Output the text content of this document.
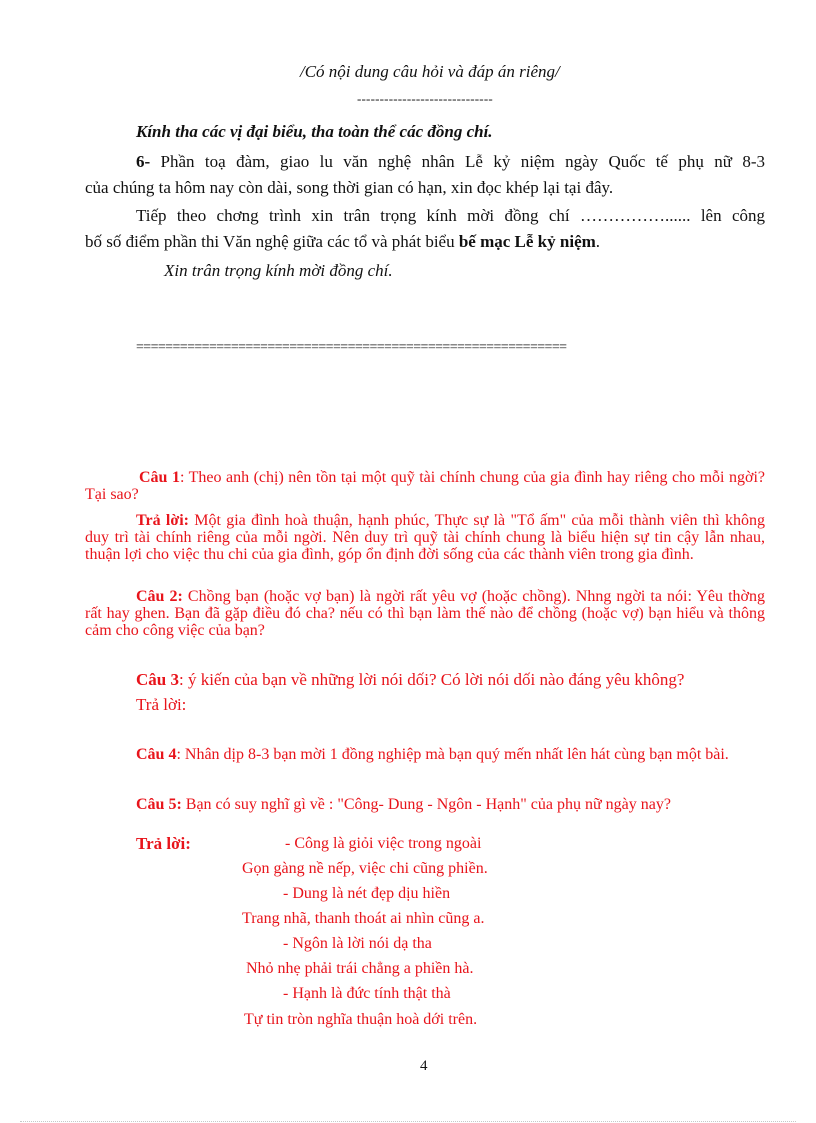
/Có nội dung câu hỏi và đáp án riêng/
------------------------------
Kính tha các vị đại biểu, tha toàn thể các đồng chí.

6- Phần toạ đàm, giao lu văn nghệ nhân Lễ kỷ niệm ngày Quốc tế phụ nữ 8-3

của chúng ta hôm nay còn dài, song thời gian có hạn, xin đọc khép lại tại đây.

Tiếp theo chơng trình xin trân trọng kính mời đồng chí ……………...... lên công

bố số điểm phần thi Văn nghệ giữa các tổ và phát biểu bế mạc Lễ kỷ niệm.

Xin trân trọng kính mời đồng chí.
===========================================================

Câu 1: Theo anh (chị) nên tồn tại một quỹ tài chính chung của gia đình hay riêng cho mỗi ngời? Tại sao?

Trả lời: Một gia đình hoà thuận, hạnh phúc, Thực sự là "Tổ ấm" của mỗi thành viên thì không duy trì tài chính riêng của mỗi ngời. Nên duy trì quỹ tài chính chung là biểu hiện sự tin cậy lẫn nhau, thuận lợi cho việc thu chi của gia đình, góp ổn định đời sống của các thành viên trong gia đình.

Câu 2: Chồng bạn (hoặc vợ bạn) là ngời rất yêu vợ (hoặc chồng). Nhng ngời ta nói: Yêu thờng rất hay ghen. Bạn đã gặp điều đó cha? nếu có thì bạn làm thế nào để chồng (hoặc vợ) bạn hiểu và thông cảm cho công việc của bạn?

Câu 3: ý kiến của bạn về những lời nói dối? Có lời nói dối nào đáng yêu không?
Trả lời:

Câu 4: Nhân dịp 8-3 bạn mời 1 đồng nghiệp mà bạn quý mến nhất lên hát cùng bạn một bài.

Câu 5: Bạn có suy nghĩ gì về : "Công- Dung - Ngôn - Hạnh" của phụ nữ ngày nay?

Trả lời:	- Công là giỏi việc trong ngoài
Gọn gàng nề nếp, việc chi cũng phiền.
- Dung là nét đẹp dịu hiền
Trang nhã, thanh thoát ai nhìn cũng a.
- Ngôn là lời nói dạ tha
Nhỏ nhẹ phải trái chẳng a phiền hà.
- Hạnh là đức tính thật thà
Tự tin tròn nghĩa thuận hoà dới trên.
4
